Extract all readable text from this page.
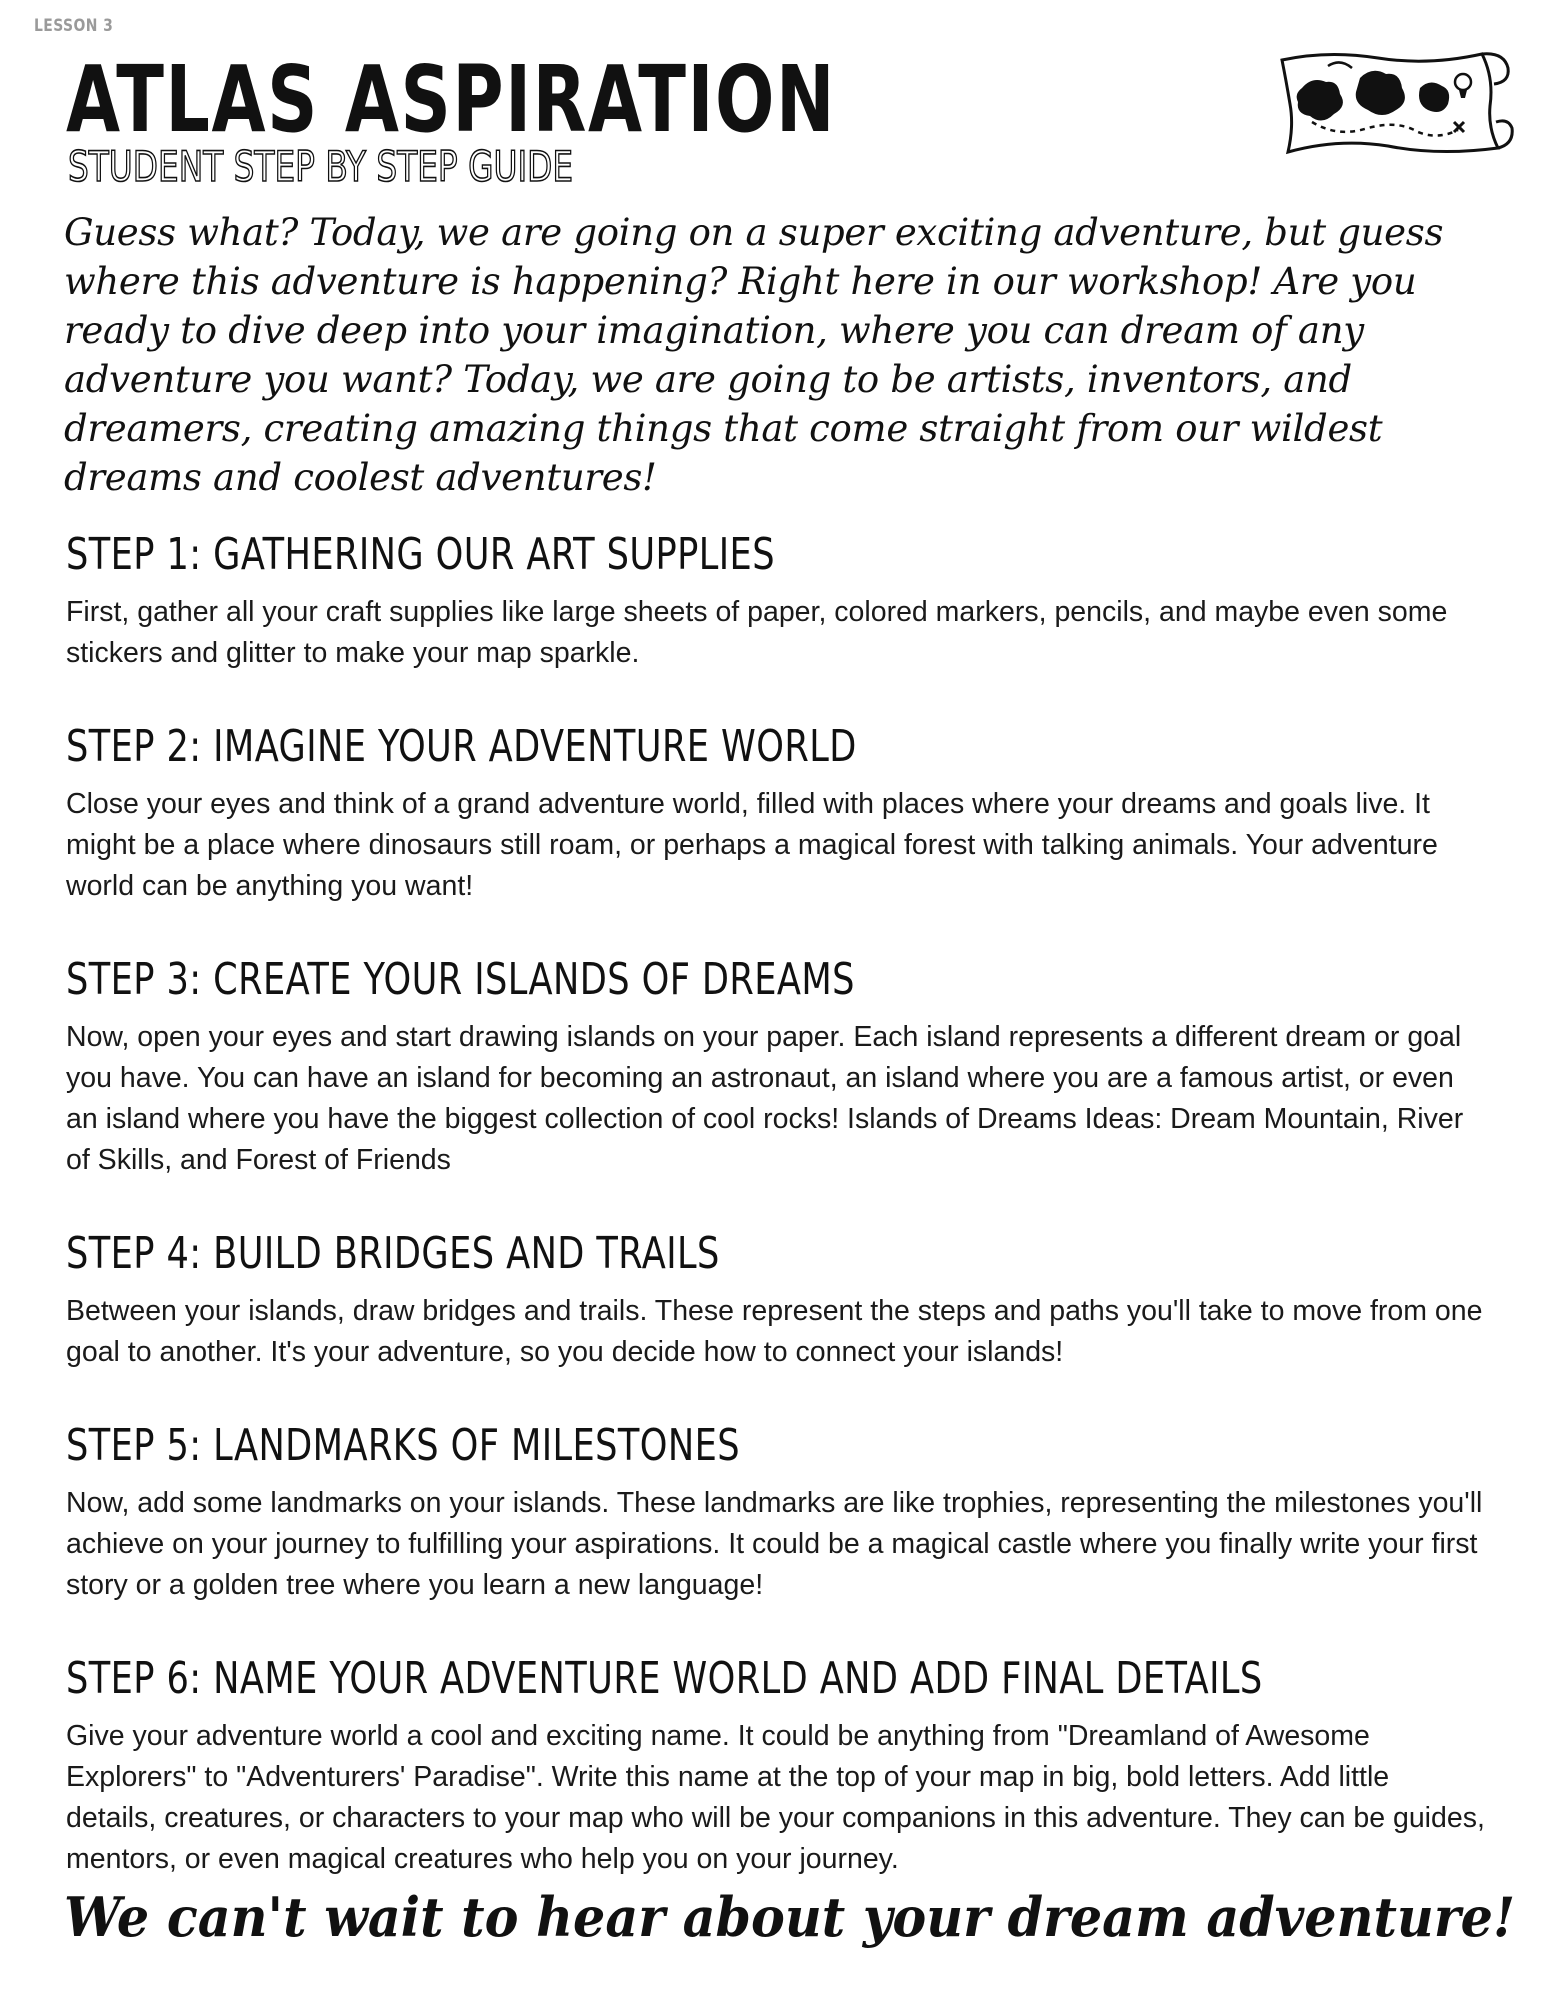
LESSON 3
ATLAS ASPIRATION
STUDENT STEP BY STEP GUIDE

Guess what? Today, we are going on a super exciting adventure, but guess where this adventure is happening? Right here in our workshop! Are you ready to dive deep into your imagination, where you can dream of any adventure you want? Today, we are going to be artists, inventors, and dreamers, creating amazing things that come straight from our wildest dreams and coolest adventures!

STEP 1: GATHERING OUR ART SUPPLIES

First, gather all your craft supplies like large sheets of paper, colored markers, pencils, and maybe even some stickers and glitter to make your map sparkle.

STEP 2: IMAGINE YOUR ADVENTURE WORLD

Close your eyes and think of a grand adventure world, filled with places where your dreams and goals live. It might be a place where dinosaurs still roam, or perhaps a magical forest with talking animals. Your adventure world can be anything you want!

STEP 3: CREATE YOUR ISLANDS OF DREAMS

Now, open your eyes and start drawing islands on your paper. Each island represents a different dream or goal you have. You can have an island for becoming an astronaut, an island where you are a famous artist, or even an island where you have the biggest collection of cool rocks! Islands of Dreams Ideas: Dream Mountain, River of Skills, and Forest of Friends

STEP 4: BUILD BRIDGES AND TRAILS

Between your islands, draw bridges and trails. These represent the steps and paths you'll take to move from one goal to another. It's your adventure, so you decide how to connect your islands!

STEP 5: LANDMARKS OF MILESTONES

Now, add some landmarks on your islands. These landmarks are like trophies, representing the milestones you'll achieve on your journey to fulfilling your aspirations. It could be a magical castle where you finally write your first story or a golden tree where you learn a new language!

STEP 6: NAME YOUR ADVENTURE WORLD AND ADD FINAL DETAILS

Give your adventure world a cool and exciting name. It could be anything from "Dreamland of Awesome Explorers" to "Adventurers' Paradise". Write this name at the top of your map in big, bold letters. Add little details, creatures, or characters to your map who will be your companions in this adventure. They can be guides, mentors, or even magical creatures who help you on your journey.

We can't wait to hear about your dream adventure!
